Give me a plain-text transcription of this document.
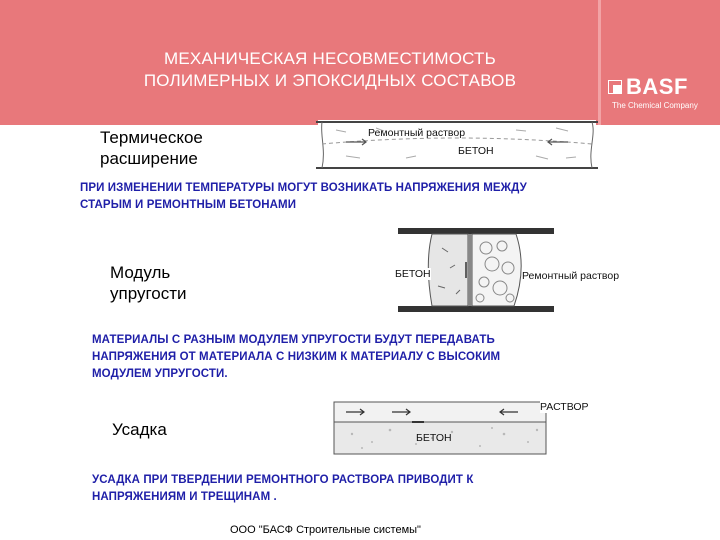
МЕХАНИЧЕСКАЯ НЕСОВМЕСТИМОСТЬ
ПОЛИМЕРНЫХ И ЭПОКСИДНЫХ СОСТАВОВ	BASF
The Chemical Company
Термическое
расширение
Ремонтный раствор
БЕТОН
ПРИ ИЗМЕНЕНИИ ТЕМПЕРАТУРЫ МОГУТ ВОЗНИКАТЬ НАПРЯЖЕНИЯ МЕЖДУ
СТАРЫМ И РЕМОНТНЫМ БЕТОНАМИ
Модуль
упругости
БЕТОН	Ремонтный раствор
МАТЕРИАЛЫ С РАЗНЫМ МОДУЛЕМ УПРУГОСТИ БУДУТ ПЕРЕДАВАТЬ
НАПРЯЖЕНИЯ ОТ МАТЕРИАЛА С НИЗКИМ К МАТЕРИАЛУ С ВЫСОКИМ
МОДУЛЕМ УПРУГОСТИ.
Усадка
РАСТВОР
БЕТОН
УСАДКА ПРИ ТВЕРДЕНИИ РЕМОНТНОГО РАСТВОРА ПРИВОДИТ К
НАПРЯЖЕНИЯМ И ТРЕЩИНАМ .
ООО "БАСФ Строительные системы"
